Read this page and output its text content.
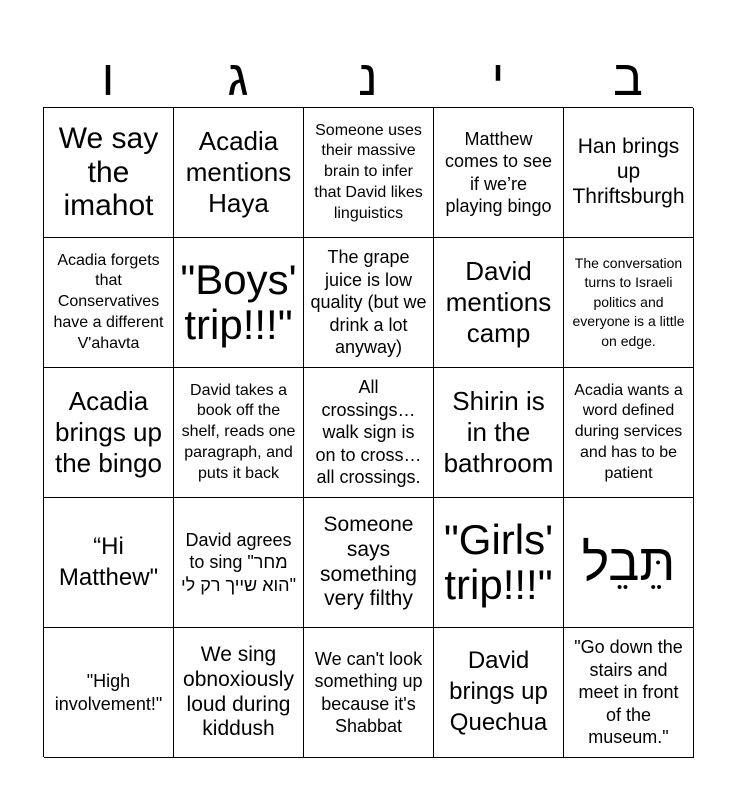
ו	ג	נ	י	ב
We say the imahot
Acadia mentions Haya
Someone uses their massive brain to infer that David likes linguistics
Matthew comes to see if we’re playing bingo
Han brings up Thriftsburgh
Acadia forgets that Conservatives have a different V'ahavta
"Boys' trip!!!"
The grape juice is low quality (but we drink a lot anyway)
David mentions camp
The conversation turns to Israeli politics and everyone is a little on edge.
Acadia brings up the bingo
David takes a book off the shelf, reads one paragraph, and puts it back
All crossings… walk sign is on to cross… all crossings.
Shirin is in the bathroom
Acadia wants a word defined during services and has to be patient
“Hi Matthew"
David agrees to sing "מחר הוא שייך רק לי"
Someone says something very filthy
"Girls' trip!!!" תֵּבֵל
"High involvement!"
We sing obnoxiously loud during kiddush
We can't look something up because it's Shabbat
David brings up Quechua
"Go down the stairs and meet in front of the museum."
